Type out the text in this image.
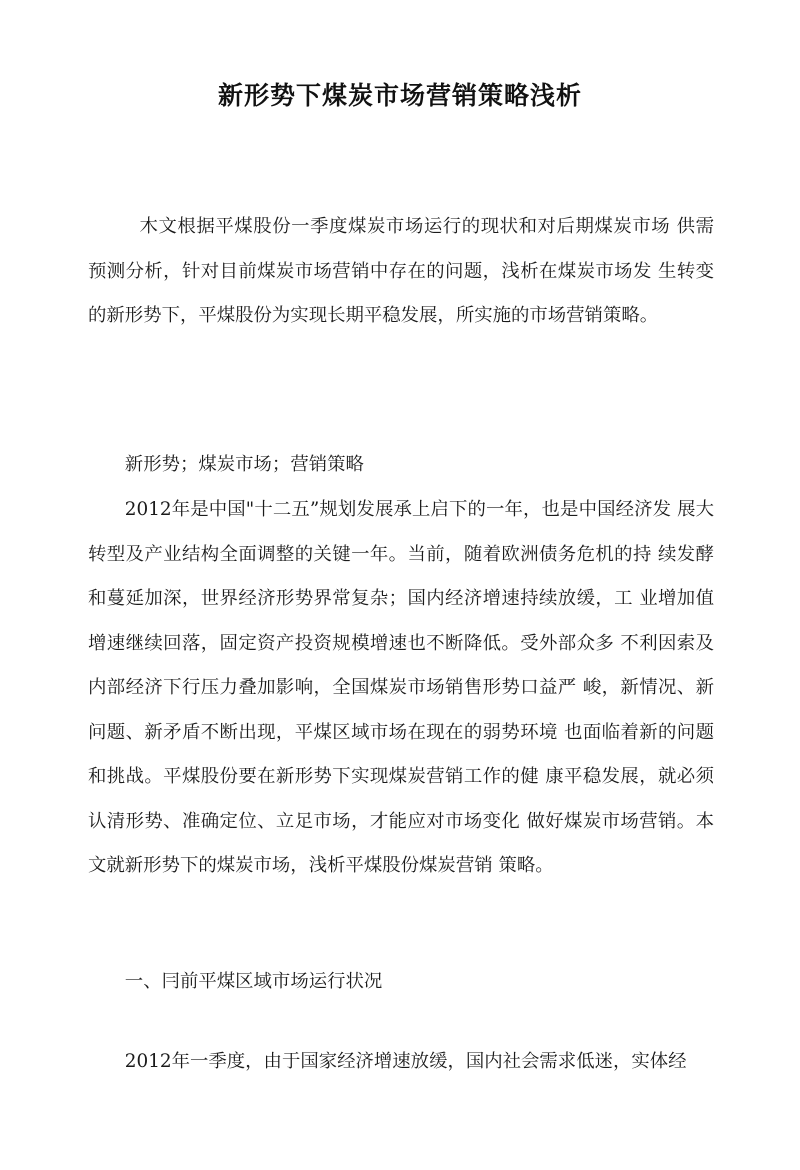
新形势下煤炭市场营销策略浅析

木文根据平煤股份一季度煤炭市场运行的现状和对后期煤炭市场 供需预测分析，针对目前煤炭市场营销中存在的问题，浅析在煤炭市场发 生转变的新形势下，平煤股份为实现长期平稳发展，所实施的市场营销策略。

新形势；煤炭市场；营销策略

2012年是中国"十二五”规划发展承上启下的一年，也是中国经济发 展大转型及产业结构全面调整的关键一年。当前，随着欧洲债务危机的持 续发酵和蔓延加深，世界经济形势界常复杂；国内经济增速持续放缓，工 业增加值增速继续回落，固定资产投资规模增速也不断降低。受外部众多 不利因索及内部经济下行压力叠加影响，全国煤炭市场销售形势口益严 峻，新情况、新问题、新矛盾不断出现，平煤区域市场在现在的弱势环境 也面临着新的问题和挑战。平煤股份要在新形势下实现煤炭营销工作的健 康平稳发展，就必须认清形势、准确定位、立足市场，才能应对市场变化 做好煤炭市场营销。本文就新形势下的煤炭市场，浅析平煤股份煤炭营销 策略。

一、冃前平煤区域市场运行状况

2012年一季度，由于国家经济增速放缓，国内社会需求低迷，实体经
